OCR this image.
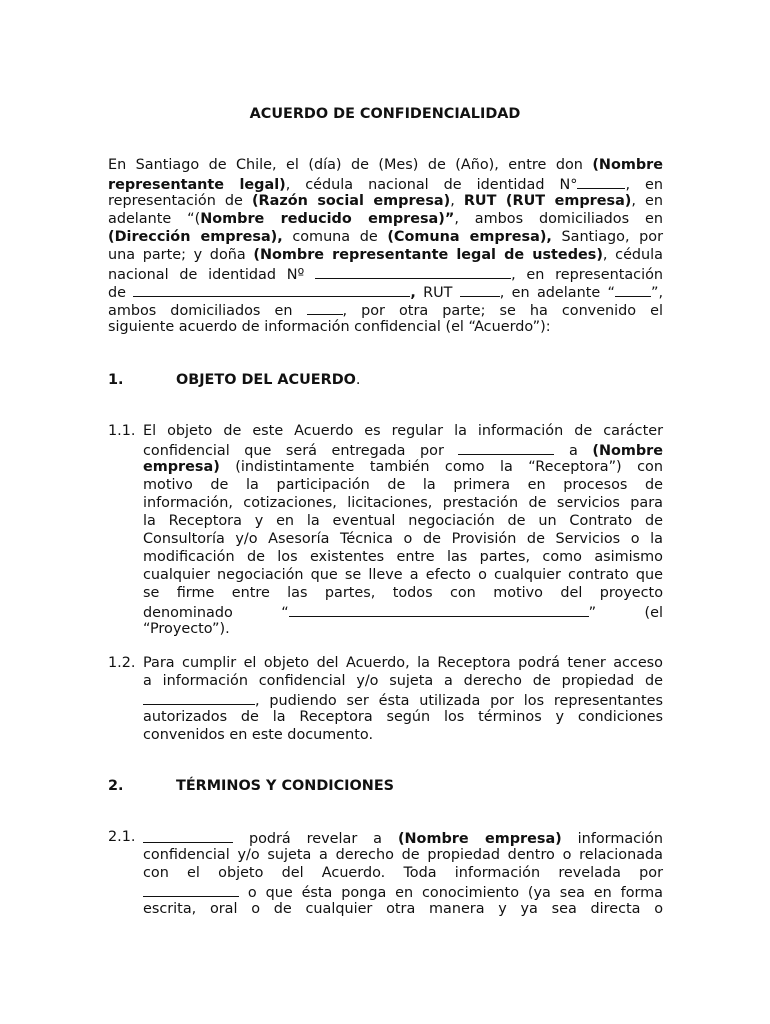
ACUERDO DE CONFIDENCIALIDAD
En Santiago de Chile, el (día) de (Mes) de (Año), entre don (Nombre
representante legal), cédula nacional de identidad N°	, en
representación de (Razón social empresa), RUT (RUT empresa), en
adelante “(Nombre reducido empresa)”, ambos domiciliados en
(Dirección empresa), comuna de (Comuna empresa), Santiago, por
una parte; y doña (Nombre representante legal de ustedes), cédula
nacional de identidad Nº	, en representación
de	, RUT	, en adelante “	”,
ambos domiciliados en	, por otra parte; se ha convenido el
siguiente acuerdo de información confidencial (el “Acuerdo”):
1.	OBJETO DEL ACUERDO.
1.1. El objeto de este Acuerdo es regular la información de carácter
confidencial que será entregada por	a (Nombre
empresa) (indistintamente también como la “Receptora”) con
motivo de la participación de la primera en procesos de
información, cotizaciones, licitaciones, prestación de servicios para
la Receptora y en la eventual negociación de un Contrato de
Consultoría y/o Asesoría Técnica o de Provisión de Servicios o la
modificación de los existentes entre las partes, como asimismo
cualquier negociación que se lleve a efecto o cualquier contrato que
se firme entre las partes, todos con motivo del proyecto
denominado	“	”	(el
“Proyecto”).
1.2. Para cumplir el objeto del Acuerdo, la Receptora podrá tener acceso
a información confidencial y/o sujeta a derecho de propiedad de
, pudiendo ser ésta utilizada por los representantes
autorizados de la Receptora según los términos y condiciones
convenidos en este documento.
2.	TÉRMINOS Y CONDICIONES
2.1.	podrá revelar a (Nombre empresa) información
confidencial y/o sujeta a derecho de propiedad dentro o relacionada
con el objeto del Acuerdo. Toda información revelada por
o que ésta ponga en conocimiento (ya sea en forma
escrita, oral o de cualquier otra manera y ya sea directa o
